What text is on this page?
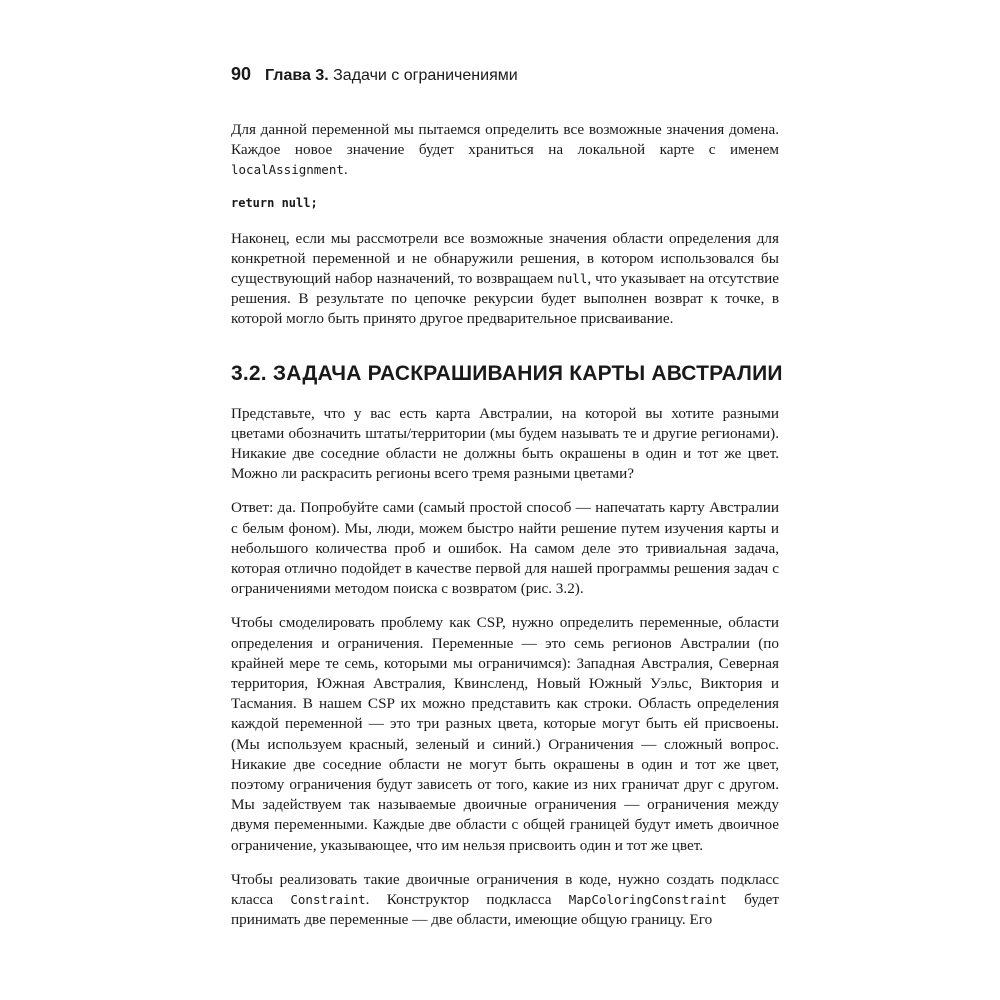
90 Глава 3. Задачи с ограничениями

Для данной переменной мы пытаемся определить все возможные значения домена. Каждое новое значение будет храниться на локальной карте с именем localAssignment.

return null;

Наконец, если мы рассмотрели все возможные значения области определения для конкретной переменной и не обнаружили решения, в котором использовался бы существующий набор назначений, то возвращаем null, что указывает на отсутствие решения. В результате по цепочке рекурсии будет выполнен возврат к точке, в которой могло быть принято другое предварительное присваивание.

3.2. ЗАДАЧА РАСКРАШИВАНИЯ КАРТЫ АВСТРАЛИИ

Представьте, что у вас есть карта Австралии, на которой вы хотите разными цветами обозначить штаты/территории (мы будем называть те и другие регионами). Никакие две соседние области не должны быть окрашены в один и тот же цвет. Можно ли раскрасить регионы всего тремя разными цветами?

Ответ: да. Попробуйте сами (самый простой способ — напечатать карту Австралии с белым фоном). Мы, люди, можем быстро найти решение путем изучения карты и небольшого количества проб и ошибок. На самом деле это тривиальная задача, которая отлично подойдет в качестве первой для нашей программы решения задач с ограничениями методом поиска с возвратом (рис. 3.2).

Чтобы смоделировать проблему как CSP, нужно определить переменные, области определения и ограничения. Переменные — это семь регионов Австралии (по крайней мере те семь, которыми мы ограничимся): Западная Австралия, Северная территория, Южная Австралия, Квинсленд, Новый Южный Уэльс, Виктория и Тасмания. В нашем CSP их можно представить как строки. Область определения каждой переменной — это три разных цвета, которые могут быть ей присвоены. (Мы используем красный, зеленый и синий.) Ограничения — сложный вопрос. Никакие две соседние области не могут быть окрашены в один и тот же цвет, поэтому ограничения будут зависеть от того, какие из них граничат друг с другом. Мы задействуем так называемые двоичные ограничения — ограничения между двумя переменными. Каждые две области с общей границей будут иметь двоичное ограничение, указывающее, что им нельзя присвоить один и тот же цвет.

Чтобы реализовать такие двоичные ограничения в коде, нужно создать подкласс класса Constraint. Конструктор подкласса MapColoringConstraint будет принимать две переменные — две области, имеющие общую границу. Его
